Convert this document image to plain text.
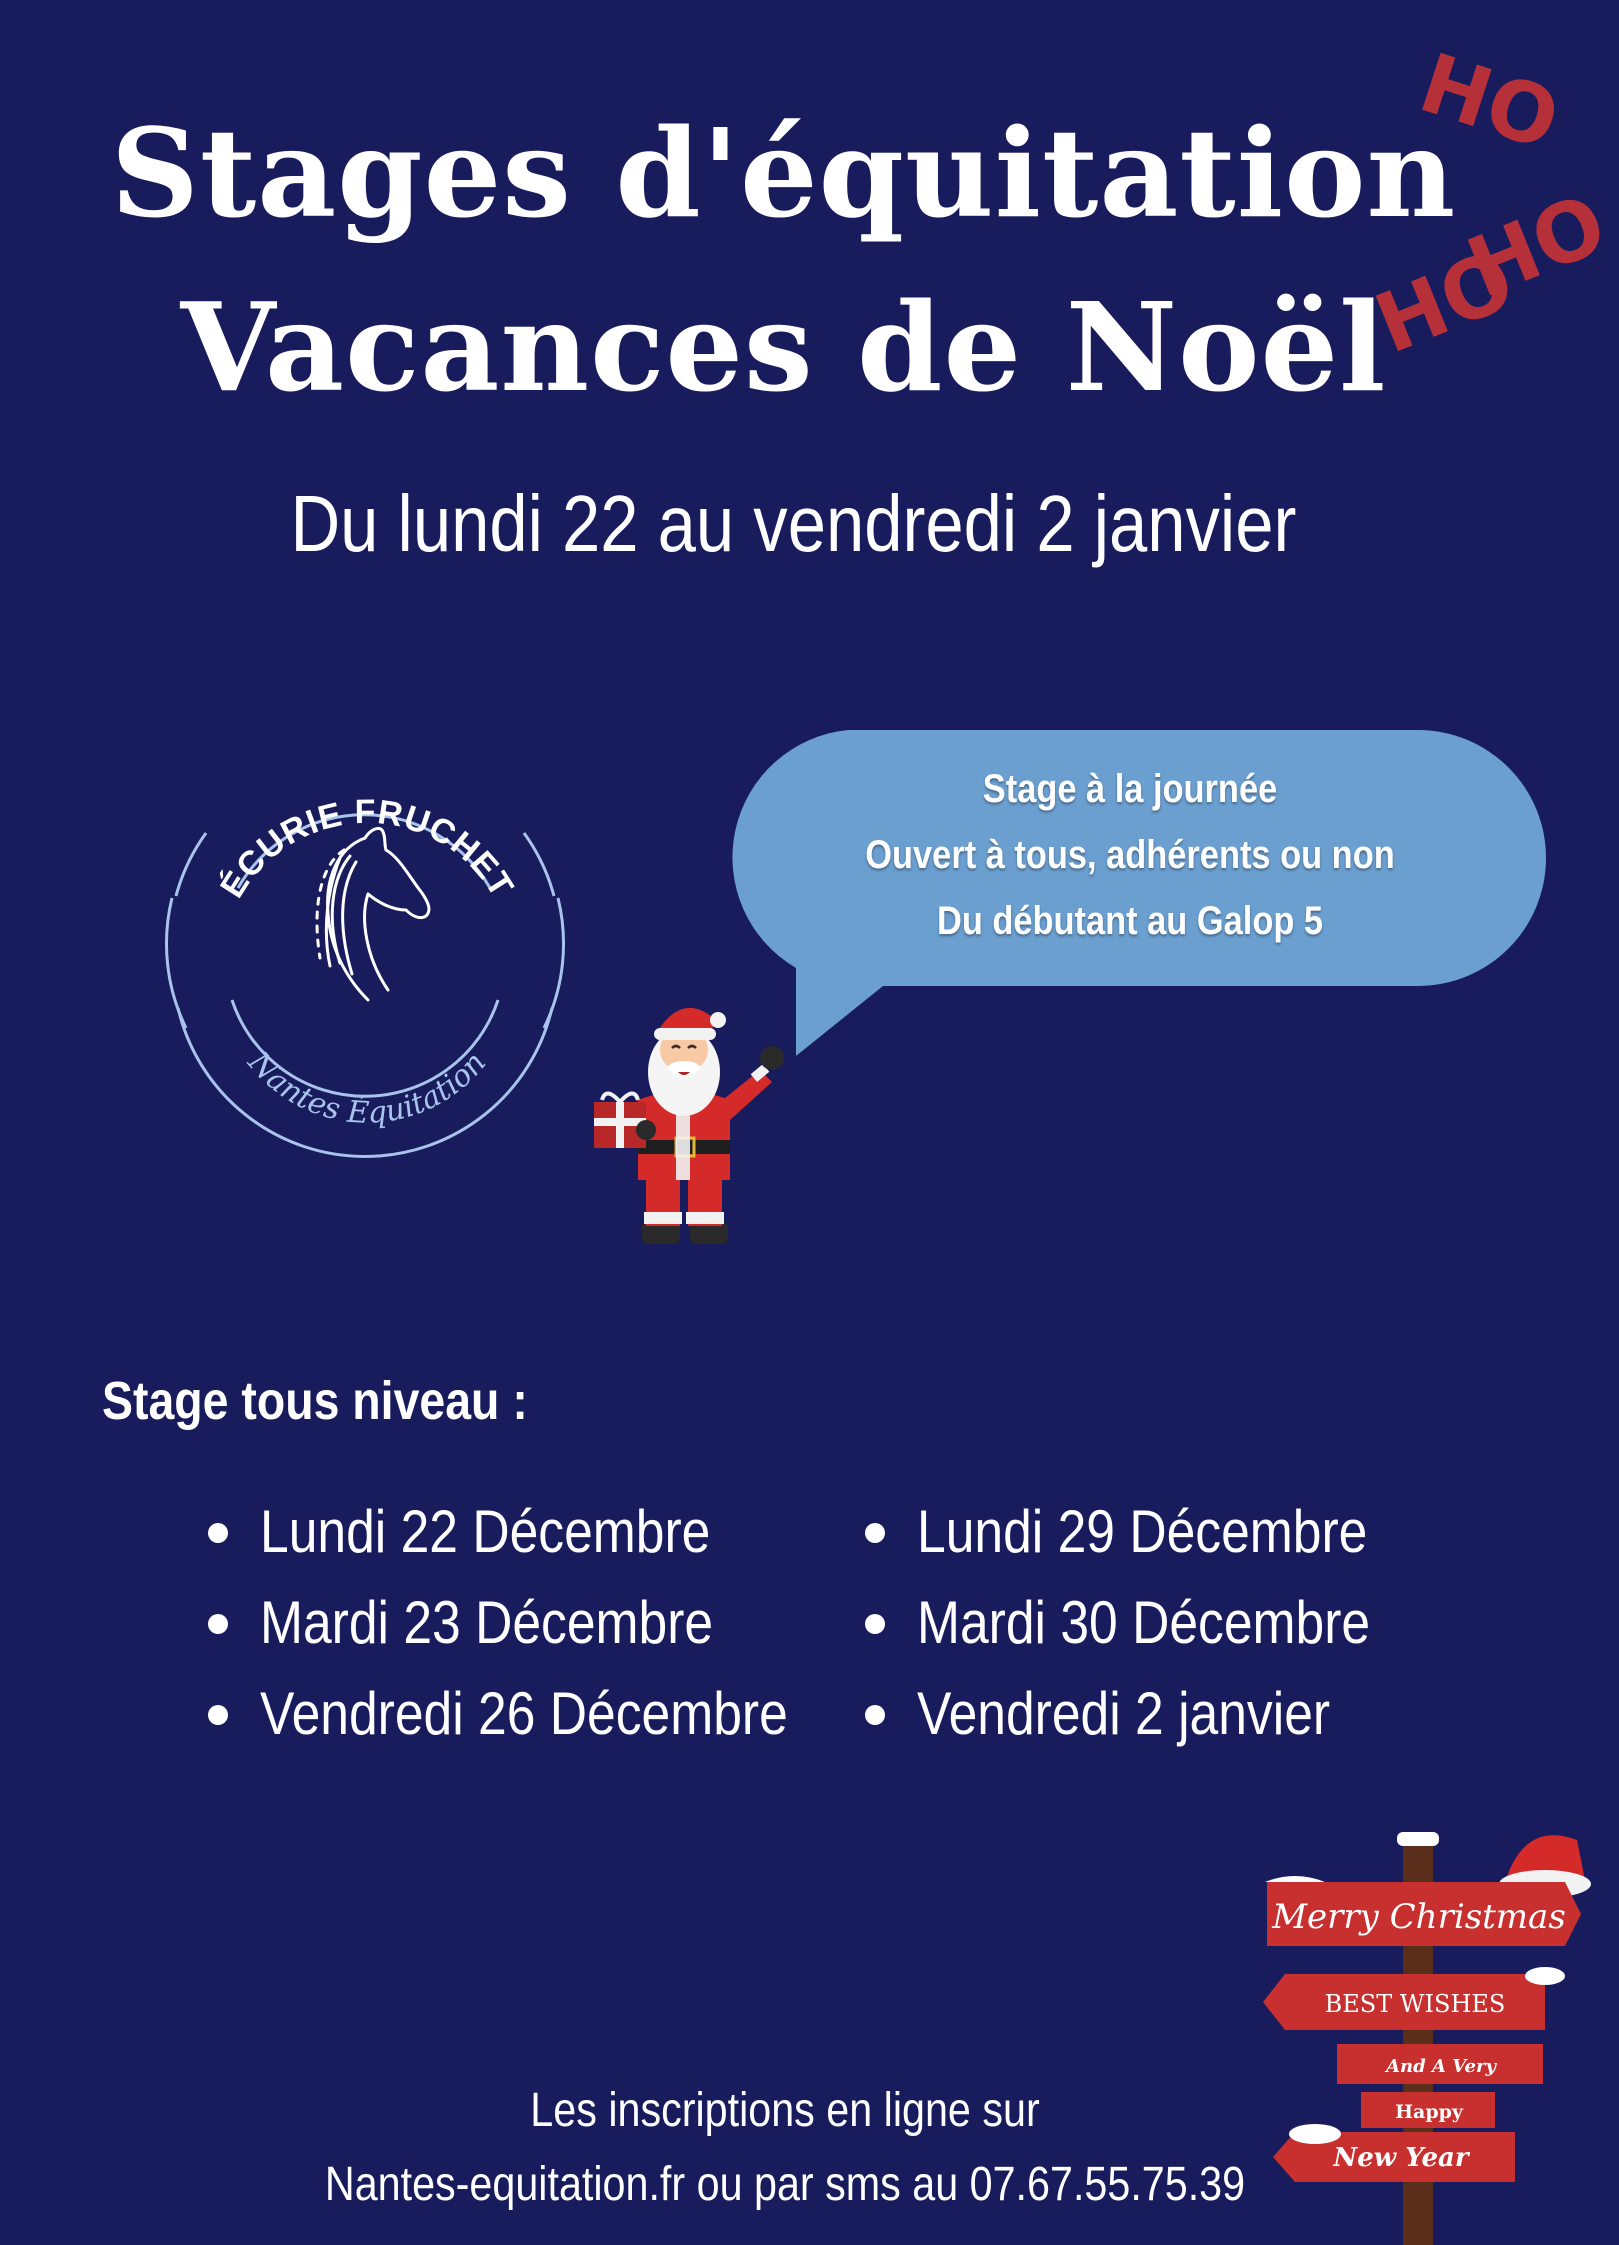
Stages d'équitation
Vacances de Noël
Du lundi 22 au vendredi 2 janvier
HO
HO
HO
ÉCURIE FRUCHET
Nantes Équitation
Stage à la journée
Ouvert à tous, adhérents ou non
Du débutant au Galop 5
Stage tous niveau :
Lundi 22 Décembre
Mardi 23 Décembre
Vendredi 26 Décembre
Lundi 29 Décembre
Mardi 30 Décembre
Vendredi 2 janvier
Merry Christmas
BEST WISHES
And A Very
Happy
New Year
Les inscriptions en ligne sur
Nantes-equitation.fr ou par sms au 07.67.55.75.39
